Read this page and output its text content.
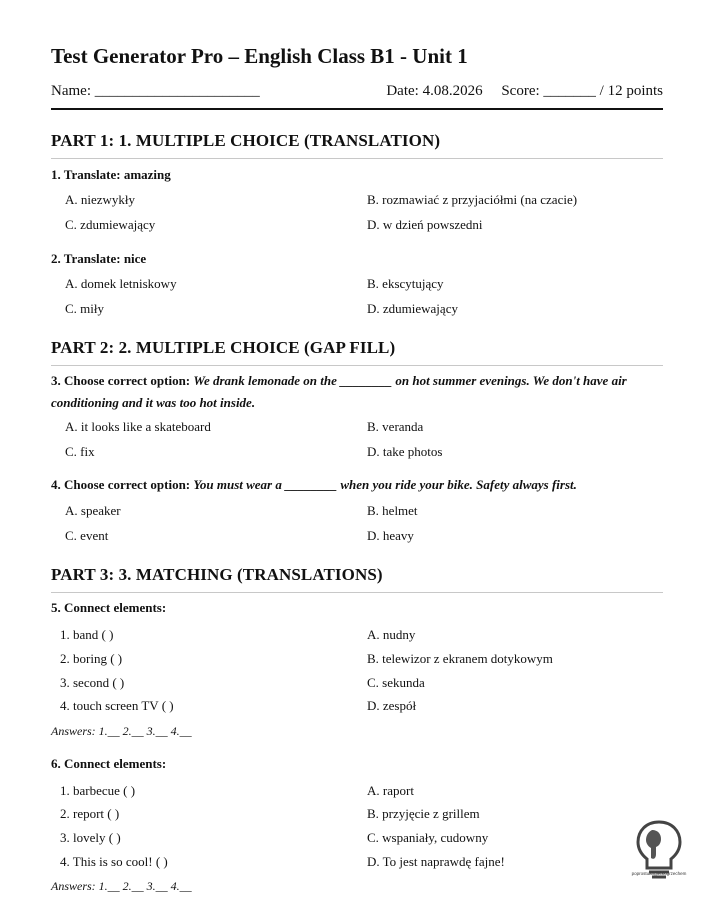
Test Generator Pro – English Class B1 - Unit 1
Name: ______________________	Date: 4.08.2026     Score: _______ / 12 points
PART 1: 1. MULTIPLE CHOICE (TRANSLATION)
1. Translate: amazing
A. niezwykły	B. rozmawiać z przyjaciółmi (na czacie)
C. zdumiewający	D. w dzień powszedni
2. Translate: nice
A. domek letniskowy	B. ekscytujący
C. miły	D. zdumiewający
PART 2: 2. MULTIPLE CHOICE (GAP FILL)
3. Choose correct option: We drank lemonade on the ________ on hot summer evenings. We don't have air
conditioning and it was too hot inside.
A. it looks like a skateboard	B. veranda
C. fix	D. take photos
4. Choose correct option: You must wear a ________ when you ride your bike. Safety always first.
A. speaker	B. helmet
C. event	D. heavy
PART 3: 3. MATCHING (TRANSLATIONS)
5. Connect elements:
1. band ( )	A. nudny
2. boring ( )	B. telewizor z ekranem dotykowym
3. second ( )	C. sekunda
4. touch screen TV ( )	D. zespół
Answers: 1.__ 2.__ 3.__ 4.__
6. Connect elements:
1. barbecue ( )	A. raport
2. report ( )	B. przyjęcie z grillem
3. lovely ( )	C. wspaniały, cudowny
4. This is so cool! ( )	D. To jest naprawdę fajne!
Answers: 1.__ 2.__ 3.__ 4.__
poprostuangielskigrzechem
